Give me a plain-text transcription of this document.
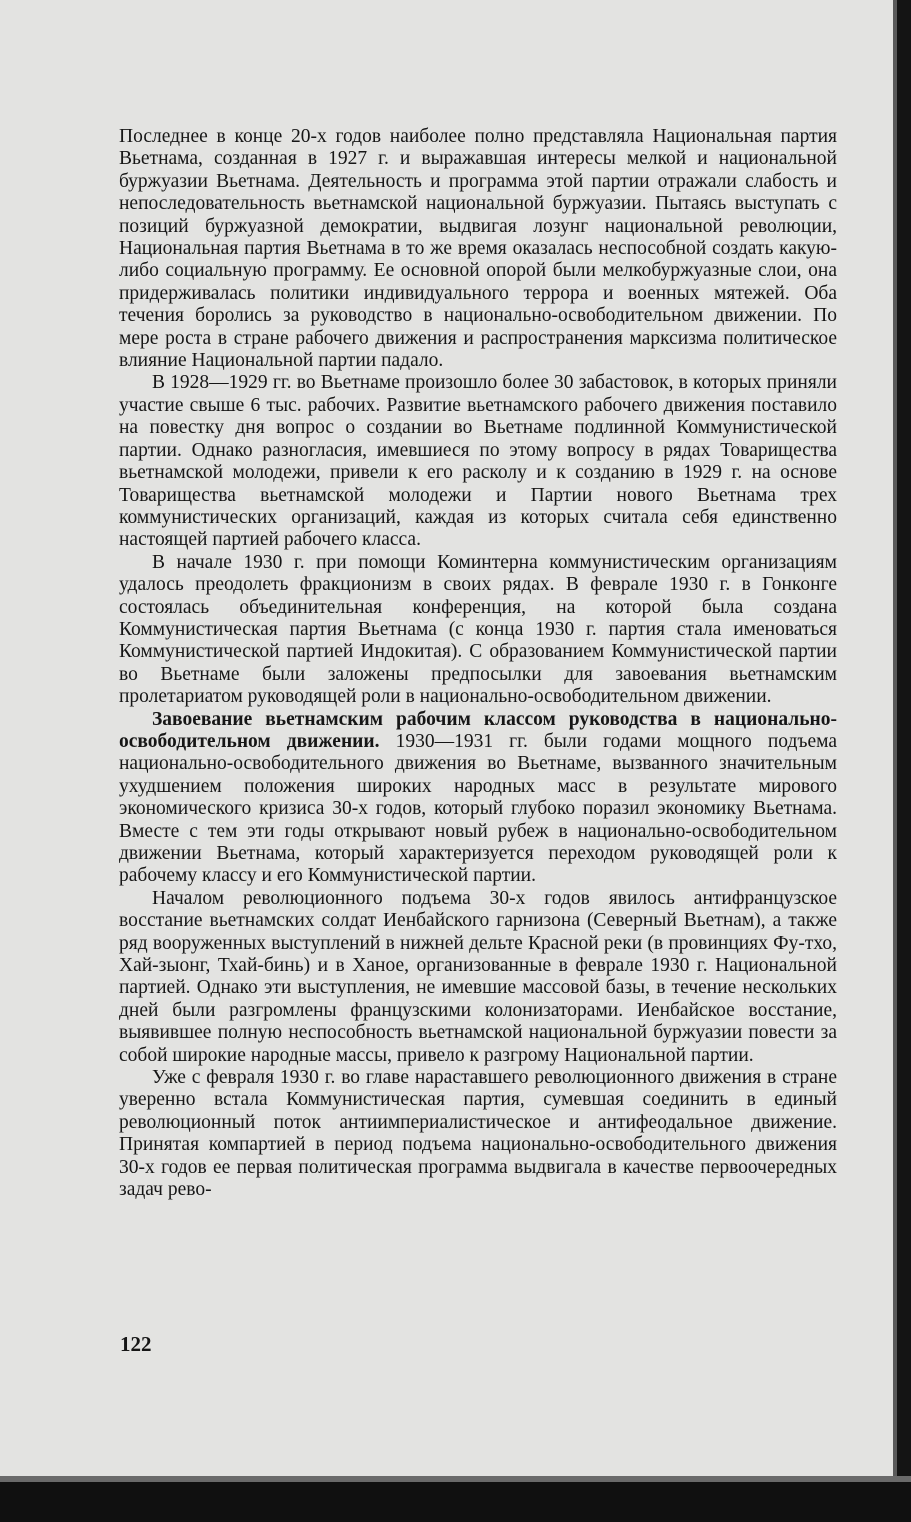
Последнее в конце 20-х годов наиболее полно представляла Национальная партия Вьетнама, созданная в 1927 г. и выражавшая интересы мелкой и национальной буржуазии Вьетнама. Деятельность и программа этой партии отражали слабость и непоследовательность вьетнамской национальной буржуазии. Пытаясь выступать с позиций буржуазной демократии, выдвигая лозунг национальной революции, Национальная партия Вьетнама в то же время оказалась неспособной создать какую-либо социальную программу. Ее основной опорой были мелкобуржуазные слои, она придерживалась политики индивидуального террора и военных мятежей. Оба течения боролись за руководство в национально-освободительном движении. По мере роста в стране рабочего движения и распространения марксизма политическое влияние Национальной партии падало.

В 1928—1929 гг. во Вьетнаме произошло более 30 забастовок, в которых приняли участие свыше 6 тыс. рабочих. Развитие вьетнамского рабочего движения поставило на повестку дня вопрос о создании во Вьетнаме подлинной Коммунистической партии. Однако разногласия, имевшиеся по этому вопросу в рядах Товарищества вьетнамской молодежи, привели к его расколу и к созданию в 1929 г. на основе Товарищества вьетнамской молодежи и Партии нового Вьетнама трех коммунистических организаций, каждая из которых считала себя единственно настоящей партией рабочего класса.

В начале 1930 г. при помощи Коминтерна коммунистическим организациям удалось преодолеть фракционизм в своих рядах. В феврале 1930 г. в Гонконге состоялась объединительная конференция, на которой была создана Коммунистическая партия Вьетнама (с конца 1930 г. партия стала именоваться Коммунистической партией Индокитая). С образованием Коммунистической партии во Вьетнаме были заложены предпосылки для завоевания вьетнамским пролетариатом руководящей роли в национально-освободительном движении.

Завоевание вьетнамским рабочим классом руководства в национально-освободительном движении. 1930—1931 гг. были годами мощного подъема национально-освободительного движения во Вьетнаме, вызванного значительным ухудшением положения широких народных масс в результате мирового экономического кризиса 30-х годов, который глубоко поразил экономику Вьетнама. Вместе с тем эти годы открывают новый рубеж в национально-освободительном движении Вьетнама, который характеризуется переходом руководящей роли к рабочему классу и его Коммунистической партии.

Началом революционного подъема 30-х годов явилось антифранцузское восстание вьетнамских солдат Иенбайского гарнизона (Северный Вьетнам), а также ряд вооруженных выступлений в нижней дельте Красной реки (в провинциях Фу-тхо, Хай-зыонг, Тхай-бинь) и в Ханое, организованные в феврале 1930 г. Национальной партией. Однако эти выступления, не имевшие массовой базы, в течение нескольких дней были разгромлены французскими колонизаторами. Иенбайское восстание, выявившее полную неспособность вьетнамской национальной буржуазии повести за собой широкие народные массы, привело к разгрому Национальной партии.

Уже с февраля 1930 г. во главе нараставшего революционного движения в стране уверенно встала Коммунистическая партия, сумевшая соединить в единый революционный поток антиимпериалистическое и антифеодальное движение. Принятая компартией в период подъема национально-освободительного движения 30-х годов ее первая политическая программа выдвигала в качестве первоочередных задач рево-

122
